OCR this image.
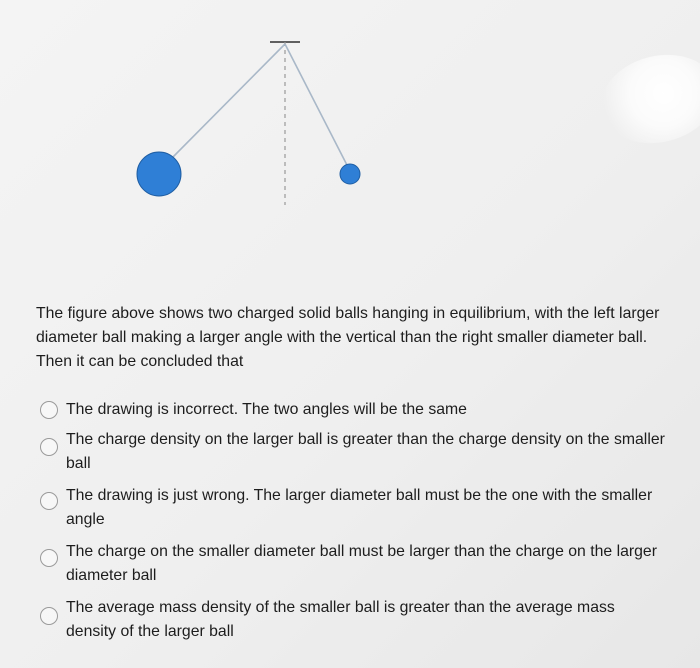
The figure above shows two charged solid balls hanging in equilibrium, with the left larger diameter ball making a larger angle with the vertical than the right smaller diameter ball. Then it can be concluded that

The drawing is incorrect. The two angles will be the same
The charge density on the larger ball is greater than the charge density on the smaller ball
The drawing is just wrong. The larger diameter ball must be the one with the smaller angle
The charge on the smaller diameter ball must be larger than the charge on the larger diameter ball
The average mass density of the smaller ball is greater than the average mass density of the larger ball
